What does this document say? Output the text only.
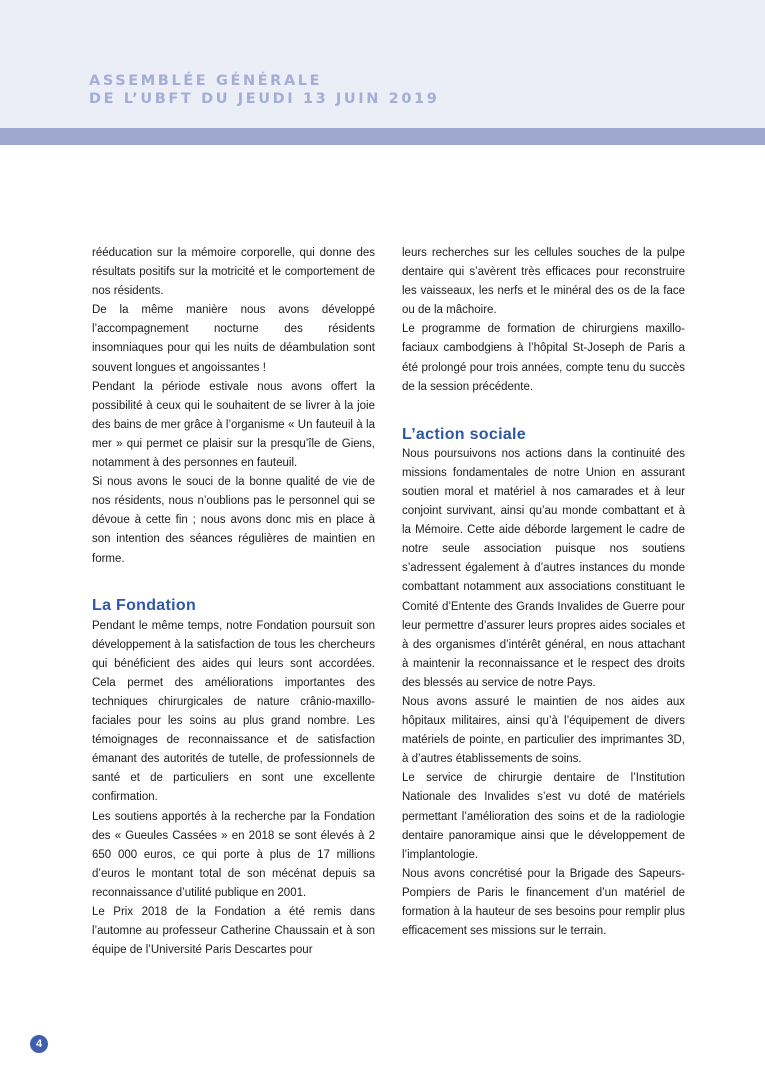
ASSEMBLÉE GÉNÉRALE
DE L’UBFT DU JEUDI 13 JUIN 2019

rééducation sur la mémoire corporelle, qui donne des résultats positifs sur la motricité et le comportement de nos résidents.

De la même manière nous avons développé l’accompagnement nocturne des résidents insomniaques pour qui les nuits de déambulation sont souvent longues et angoissantes !

Pendant la période estivale nous avons offert la possibilité à ceux qui le souhaitent de se livrer à la joie des bains de mer grâce à l’organisme « Un fauteuil à la mer » qui permet ce plaisir sur la presqu’île de Giens, notamment à des personnes en fauteuil.

Si nous avons le souci de la bonne qualité de vie de nos résidents, nous n’oublions pas le personnel qui se dévoue à cette fin ; nous avons donc mis en place à son intention des séances régulières de maintien en forme.

La Fondation

Pendant le même temps, notre Fondation poursuit son développement à la satisfaction de tous les chercheurs qui bénéficient des aides qui leurs sont accordées. Cela permet des améliorations importantes des techniques chirurgicales de nature crânio-maxillo-faciales pour les soins au plus grand nombre. Les témoignages de reconnaissance et de satisfaction émanant des autorités de tutelle, de professionnels de santé et de particuliers en sont une excellente confirmation.

Les soutiens apportés à la recherche par la Fondation des « Gueules Cassées » en 2018 se sont élevés à 2 650 000 euros, ce qui porte à plus de 17 millions d’euros le montant total de son mécénat depuis sa reconnaissance d’utilité publique en 2001.

Le Prix 2018 de la Fondation a été remis dans l’automne au professeur Catherine Chaussain et à son équipe de l’Université Paris Descartes pour

leurs recherches sur les cellules souches de la pulpe dentaire qui s’avèrent très efficaces pour reconstruire les vaisseaux, les nerfs et le minéral des os de la face ou de la mâchoire.

Le programme de formation de chirurgiens maxillo-faciaux cambodgiens à l’hôpital St-Joseph de Paris a été prolongé pour trois années, compte tenu du succès de la session précédente.

L’action sociale

Nous poursuivons nos actions dans la continuité des missions fondamentales de notre Union en assurant soutien moral et matériel à nos camarades et à leur conjoint survivant, ainsi qu’au monde combattant et à la Mémoire. Cette aide déborde largement le cadre de notre seule association puisque nos soutiens s’adressent également à d’autres instances du monde combattant notamment aux associations constituant le Comité d’Entente des Grands Invalides de Guerre pour leur permettre d’assurer leurs propres aides sociales et à des organismes d’intérêt général, en nous attachant à maintenir la reconnaissance et le respect des droits des blessés au service de notre Pays.

Nous avons assuré le maintien de nos aides aux hôpitaux militaires, ainsi qu’à l’équipement de divers matériels de pointe, en particulier des imprimantes 3D, à d’autres établissements de soins.

Le service de chirurgie dentaire de l’Institution Nationale des Invalides s’est vu doté de matériels permettant l’amélioration des soins et de la radiologie dentaire panoramique ainsi que le développement de l’implantologie.

Nous avons concrétisé pour la Brigade des Sapeurs-Pompiers de Paris le financement d’un matériel de formation à la hauteur de ses besoins pour remplir plus efficacement ses missions sur le terrain.

4
